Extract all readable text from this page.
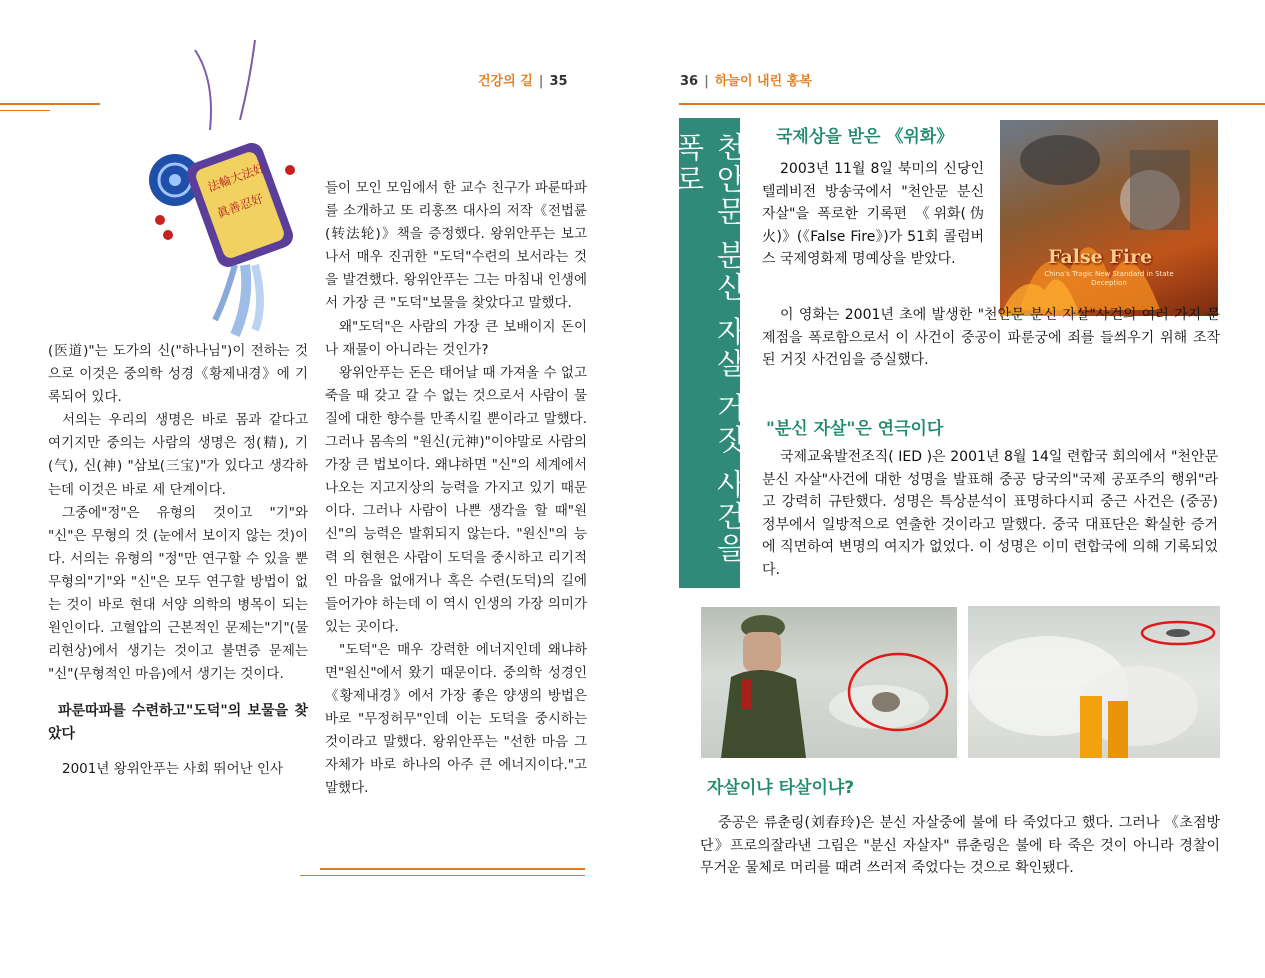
건강의 길 | 35
法輪大法好
眞善忍好

(医道)"는 도가의 신("하나님")이 전하는 것으로 이것은 중의학 성경《황제내경》에 기록되어 있다.

서의는 우리의 생명은 바로 몸과 같다고 여기지만 중의는 사람의 생명은 정(精), 기(气), 신(神) "삼보(三宝)"가 있다고 생각하는데 이것은 바로 세 단계이다.

그중에"정"은 유형의 것이고 "기"와 "신"은 무형의 것 (눈에서 보이지 않는 것)이다. 서의는 유형의 "정"만 연구할 수 있을 뿐 무형의"기"와 "신"은 모두 연구할 방법이 없는 것이 바로 현대 서양 의학의 병목이 되는 원인이다. 고혈압의 근본적인 문제는"기"(물리현상)에서 생기는 것이고 불면증 문제는 "신"(무형적인 마음)에서 생기는 것이다.

파룬따파를 수련하고"도덕"의 보물을 찾았다

2001년 왕위안푸는 사회 뛰어난 인사

들이 모인 모임에서 한 교수 친구가 파룬따파를 소개하고 또 리훙쯔 대사의 저작《전법륜(转法轮)》책을 증정했다. 왕위안푸는 보고 나서 매우 진귀한 "도덕"수련의 보서라는 것을 발견했다. 왕위안푸는 그는 마침내 인생에서 가장 큰 "도덕"보물을 찾았다고 말했다.

왜"도덕"은 사람의 가장 큰 보배이지 돈이나 재물이 아니라는 것인가?

왕위안푸는 돈은 태어날 때 가져올 수 없고 죽을 때 갖고 갈 수 없는 것으로서 사람이 물질에 대한 향수를 만족시킬 뿐이라고 말했다. 그러나 몸속의 "원신(元神)"이야말로 사람의 가장 큰 법보이다. 왜냐하면 "신"의 세계에서 나오는 지고지상의 능력을 가지고 있기 때문이다. 그러나 사람이 나쁜 생각을 할 때"원신"의 능력은 발휘되지 않는다. "원신"의 능력 의 현현은 사람이 도덕을 중시하고 리기적인 마음을 없애거나 혹은 수련(도덕)의 길에 들어가야 하는데 이 역시 인생의 가장 의미가 있는 곳이다.

"도덕"은 매우 강력한 에너지인데 왜냐하면"원신"에서 왔기 때문이다. 중의학 성경인《황제내경》에서 가장 좋은 양생의 방법은 바로 "무정허무"인데 이는 도덕을 중시하는 것이라고 말했다. 왕위안푸는 "선한 마음 그 자체가 바로 하나의 아주 큰 에너지이다."고 말했다.

36 | 하늘이 내린 홍복
천안문 분신 자살 거짓 사건을 폭로	국제상을 받은 《위화》
False Fire
China's Tragic New Standard in State Deception

2003년 11월 8일 북미의 신당인 텔레비전 방송국에서 "천안문 분신 자살"을 폭로한 기록편 《위화(伪火)》(《False Fire》)가 51회 콜럼버스 국제영화제 명예상을 받았다.

이 영화는 2001년 초에 발생한 "천안문 분신 자살"사건의 여러 가지 문제점을 폭로함으로서 이 사건이 중공이 파룬궁에 죄를 들씌우기 위해 조작된 거짓 사건임을 증실했다.

"분신 자살"은 연극이다

국제교육발전조직( IED )은 2001년 8월 14일 련합국 회의에서 "천안문 분신 자살"사건에 대한 성명을 발표해 중공 당국의"국제 공포주의 행위"라고 강력히 규탄했다. 성명은 특상분석이 표명하다시피 중근 사건은 (중공) 정부에서 일방적으로 연출한 것이라고 말했다. 중국 대표단은 확실한 증거에 직면하여 변명의 여지가 없었다. 이 성명은 이미 련합국에 의해 기록되었다.

자살이냐 타살이냐?

중공은 류춘링(刘春玲)은 분신 자살중에 불에 타 죽었다고 했다. 그러나 《초점방단》프로의잘라낸 그림은 "분신 자살자" 류춘링은 불에 타 죽은 것이 아니라 경찰이 무거운 물체로 머리를 때려 쓰러져 죽었다는 것으로 확인됐다.
